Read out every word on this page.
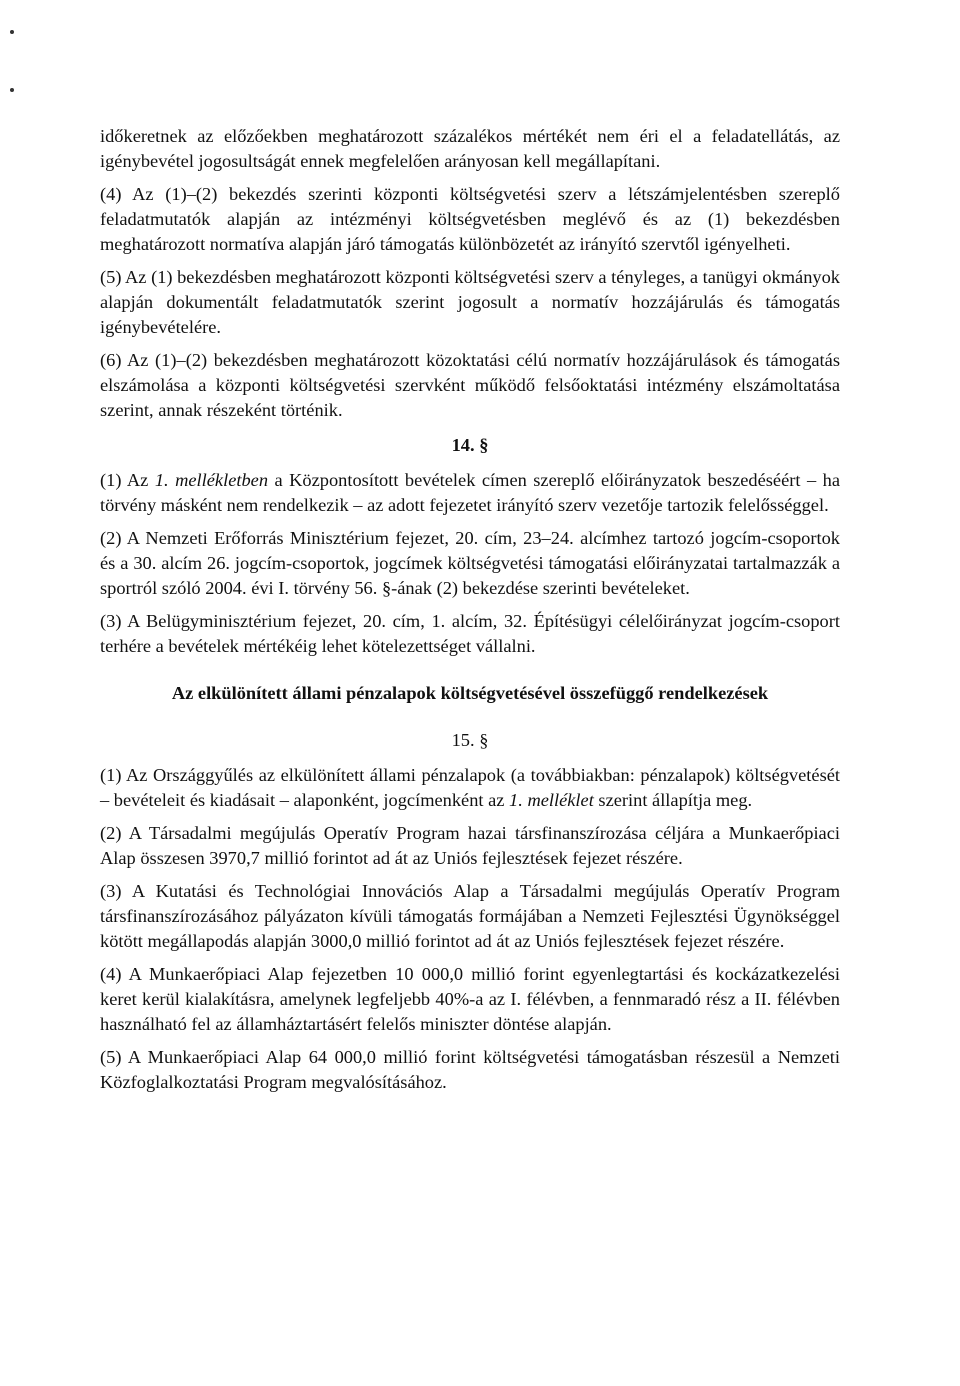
időkeretnek az előzőekben meghatározott százalékos mértékét nem éri el a feladatellátás, az igénybevétel jogosultságát ennek megfelelően arányosan kell megállapítani.

(4) Az (1)–(2) bekezdés szerinti központi költségvetési szerv a létszámjelentésben szereplő feladatmutatók alapján az intézményi költségvetésben meglévő és az (1) bekezdésben meghatározott normatíva alapján járó támogatás különbözetét az irányító szervtől igényelheti.

(5) Az (1) bekezdésben meghatározott központi költségvetési szerv a tényleges, a tanügyi okmányok alapján dokumentált feladatmutatók szerint jogosult a normatív hozzájárulás és támogatás igénybevételére.

(6) Az (1)–(2) bekezdésben meghatározott közoktatási célú normatív hozzájárulások és támogatás elszámolása a központi költségvetési szervként működő felsőoktatási intézmény elszámoltatása szerint, annak részeként történik.

14. §

(1) Az 1. mellékletben a Központosított bevételek címen szereplő előirányzatok beszedéséért – ha törvény másként nem rendelkezik – az adott fejezetet irányító szerv vezetője tartozik felelősséggel.

(2) A Nemzeti Erőforrás Minisztérium fejezet, 20. cím, 23–24. alcímhez tartozó jogcím-csoportok és a 30. alcím 26. jogcím-csoportok, jogcímek költségvetési támogatási előirányzatai tartalmazzák a sportról szóló 2004. évi I. törvény 56. §-ának (2) bekezdése szerinti bevételeket.

(3) A Belügyminisztérium fejezet, 20. cím, 1. alcím, 32. Építésügyi célelőirányzat jogcím-csoport terhére a bevételek mértékéig lehet kötelezettséget vállalni.

Az elkülönített állami pénzalapok költségvetésével összefüggő rendelkezések
15. §

(1) Az Országgyűlés az elkülönített állami pénzalapok (a továbbiakban: pénzalapok) költségvetését – bevételeit és kiadásait – alaponként, jogcímenként az 1. melléklet szerint állapítja meg.

(2) A Társadalmi megújulás Operatív Program hazai társfinanszírozása céljára a Munkaerőpiaci Alap összesen 3970,7 millió forintot ad át az Uniós fejlesztések fejezet részére.

(3) A Kutatási és Technológiai Innovációs Alap a Társadalmi megújulás Operatív Program társfinanszírozásához pályázaton kívüli támogatás formájában a Nemzeti Fejlesztési Ügynökséggel kötött megállapodás alapján 3000,0 millió forintot ad át az Uniós fejlesztések fejezet részére.

(4) A Munkaerőpiaci Alap fejezetben 10 000,0 millió forint egyenlegtartási és kockázatkezelési keret kerül kialakításra, amelynek legfeljebb 40%-a az I. félévben, a fennmaradó rész a II. félévben használható fel az államháztartásért felelős miniszter döntése alapján.

(5) A Munkaerőpiaci Alap 64 000,0 millió forint költségvetési támogatásban részesül a Nemzeti Közfoglalkoztatási Program megvalósításához.
